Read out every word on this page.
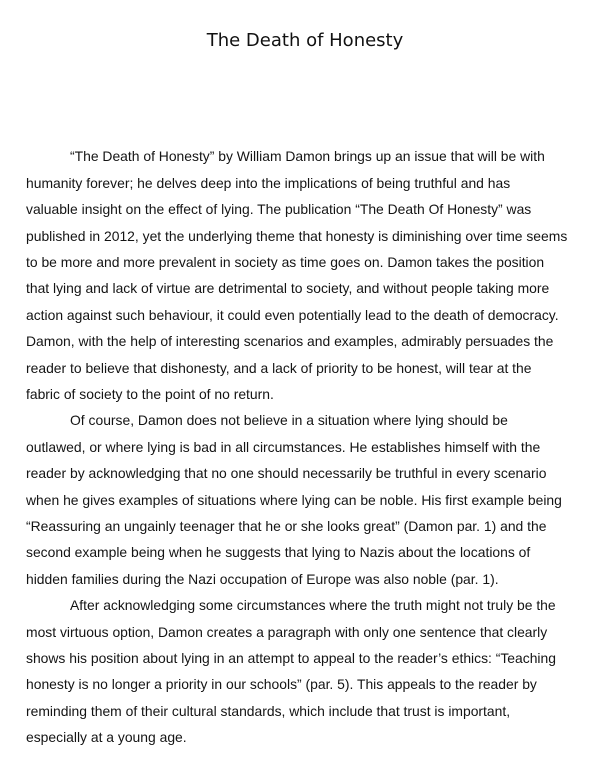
The Death of Honesty
“The Death of Honesty” by William Damon brings up an issue that will be with
humanity forever; he delves deep into the implications of being truthful and has
valuable insight on the effect of lying. The publication “The Death Of Honesty” was
published in 2012, yet the underlying theme that honesty is diminishing over time seems
to be more and more prevalent in society as time goes on. Damon takes the position
that lying and lack of virtue are detrimental to society, and without people taking more
action against such behaviour, it could even potentially lead to the death of democracy.
Damon, with the help of interesting scenarios and examples, admirably persuades the
reader to believe that dishonesty, and a lack of priority to be honest, will tear at the
fabric of society to the point of no return.
Of course, Damon does not believe in a situation where lying should be
outlawed, or where lying is bad in all circumstances. He establishes himself with the
reader by acknowledging that no one should necessarily be truthful in every scenario
when he gives examples of situations where lying can be noble. His first example being
“Reassuring an ungainly teenager that he or she looks great” (Damon par. 1) and the
second example being when he suggests that lying to Nazis about the locations of
hidden families during the Nazi occupation of Europe was also noble (par. 1).
After acknowledging some circumstances where the truth might not truly be the
most virtuous option, Damon creates a paragraph with only one sentence that clearly
shows his position about lying in an attempt to appeal to the reader’s ethics: “Teaching
honesty is no longer a priority in our schools” (par. 5). This appeals to the reader by
reminding them of their cultural standards, which include that trust is important,
especially at a young age.
